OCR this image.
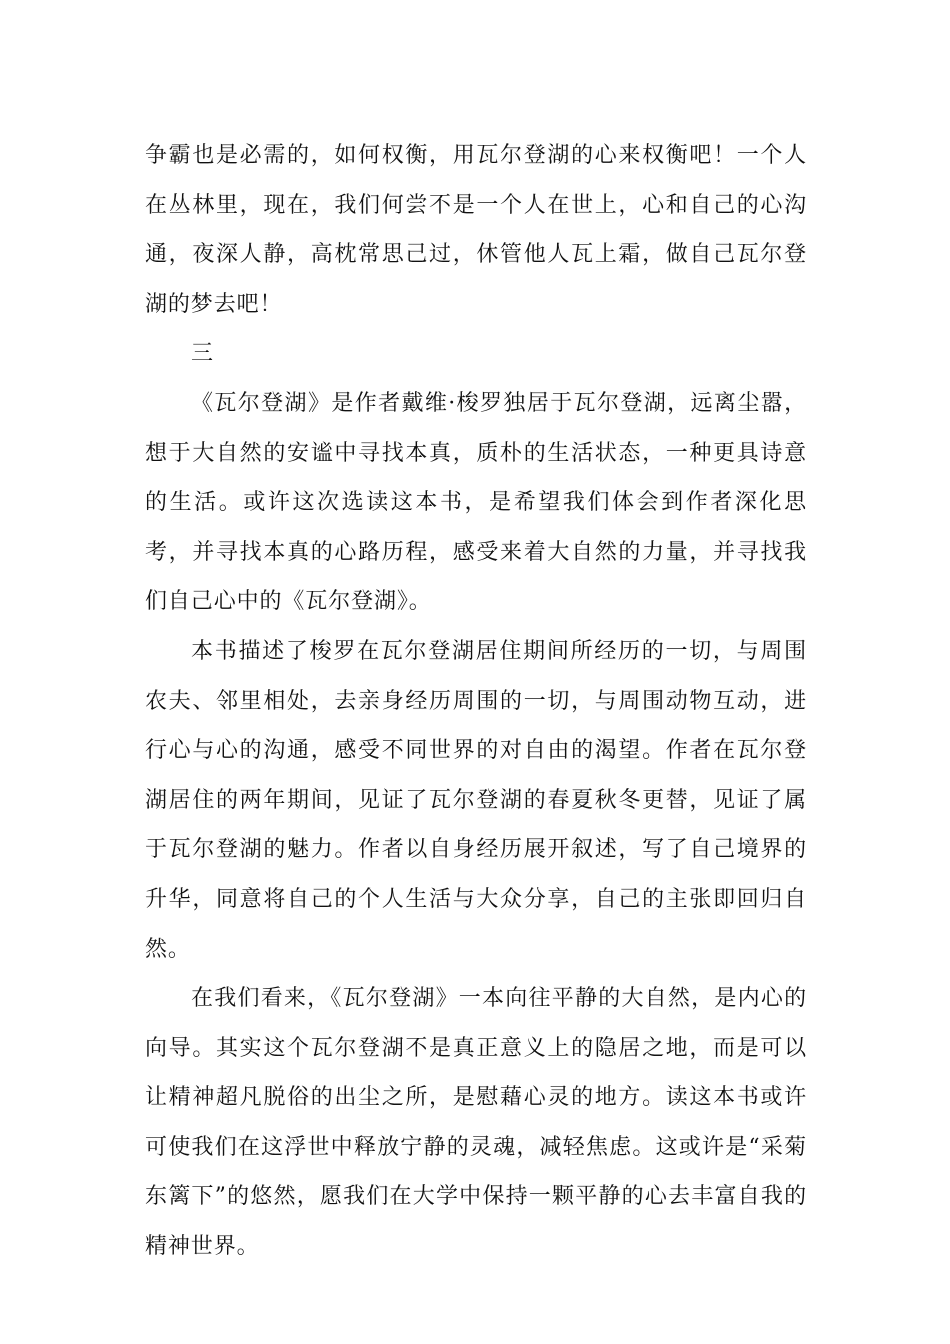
争霸也是必需的，如何权衡，用瓦尔登湖的心来权衡吧！一个人在丛林里，现在，我们何尝不是一个人在世上，心和自己的心沟通，夜深人静，高枕常思己过，休管他人瓦上霜，做自己瓦尔登湖的梦去吧！

三

《瓦尔登湖》是作者戴维·梭罗独居于瓦尔登湖，远离尘嚣，想于大自然的安谧中寻找本真，质朴的生活状态，一种更具诗意的生活。或许这次选读这本书，是希望我们体会到作者深化思考，并寻找本真的心路历程，感受来着大自然的力量，并寻找我们自己心中的《瓦尔登湖》。

本书描述了梭罗在瓦尔登湖居住期间所经历的一切，与周围农夫、邻里相处，去亲身经历周围的一切，与周围动物互动，进行心与心的沟通，感受不同世界的对自由的渴望。作者在瓦尔登湖居住的两年期间，见证了瓦尔登湖的春夏秋冬更替，见证了属于瓦尔登湖的魅力。作者以自身经历展开叙述，写了自己境界的升华，同意将自己的个人生活与大众分享，自己的主张即回归自然。

在我们看来，《瓦尔登湖》一本向往平静的大自然，是内心的向导。其实这个瓦尔登湖不是真正意义上的隐居之地，而是可以让精神超凡脱俗的出尘之所，是慰藉心灵的地方。读这本书或许可使我们在这浮世中释放宁静的灵魂，减轻焦虑。这或许是“采菊东篱下”的悠然，愿我们在大学中保持一颗平静的心去丰富自我的精神世界。
